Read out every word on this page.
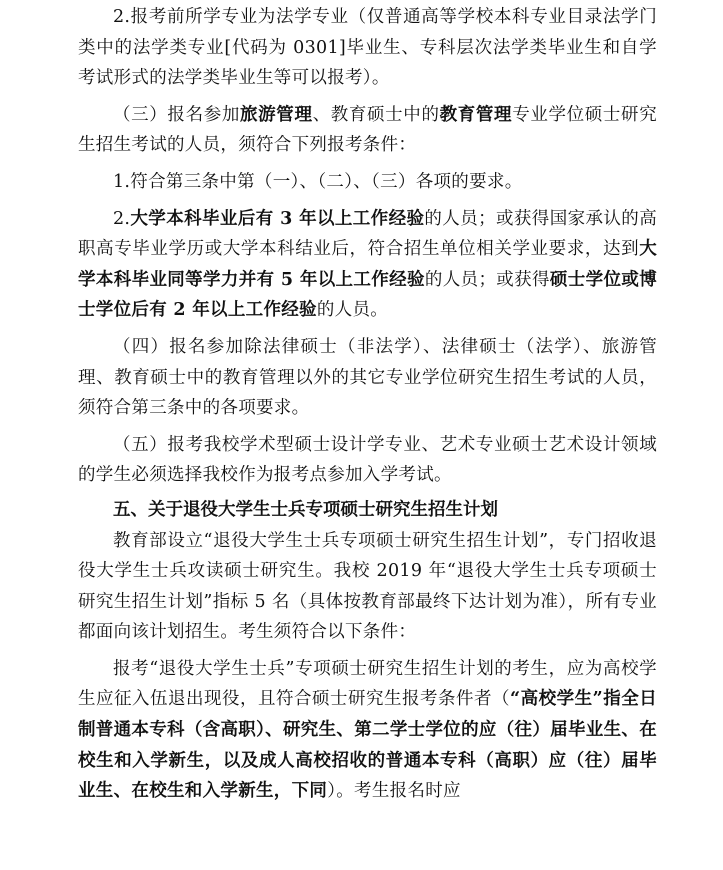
2.报考前所学专业为法学专业（仅普通高等学校本科专业目录法学门类中的法学类专业[代码为 0301]毕业生、专科层次法学类毕业生和自学考试形式的法学类毕业生等可以报考）。

（三）报名参加旅游管理、教育硕士中的教育管理专业学位硕士研究生招生考试的人员，须符合下列报考条件：

1.符合第三条中第（一）、（二）、（三）各项的要求。

2.大学本科毕业后有 3 年以上工作经验的人员；或获得国家承认的高职高专毕业学历或大学本科结业后，符合招生单位相关学业要求，达到大学本科毕业同等学力并有 5 年以上工作经验的人员；或获得硕士学位或博士学位后有 2 年以上工作经验的人员。

（四）报名参加除法律硕士（非法学）、法律硕士（法学）、旅游管理、教育硕士中的教育管理以外的其它专业学位研究生招生考试的人员，须符合第三条中的各项要求。

（五）报考我校学术型硕士设计学专业、艺术专业硕士艺术设计领域的学生必须选择我校作为报考点参加入学考试。

五、关于退役大学生士兵专项硕士研究生招生计划

教育部设立“退役大学生士兵专项硕士研究生招生计划”，专门招收退役大学生士兵攻读硕士研究生。我校 2019 年“退役大学生士兵专项硕士研究生招生计划”指标 5 名（具体按教育部最终下达计划为准），所有专业都面向该计划招生。考生须符合以下条件：

报考“退役大学生士兵”专项硕士研究生招生计划的考生，应为高校学生应征入伍退出现役，且符合硕士研究生报考条件者（“高校学生”指全日制普通本专科（含高职）、研究生、第二学士学位的应（往）届毕业生、在校生和入学新生，以及成人高校招收的普通本专科（高职）应（往）届毕业生、在校生和入学新生，下同）。考生报名时应
